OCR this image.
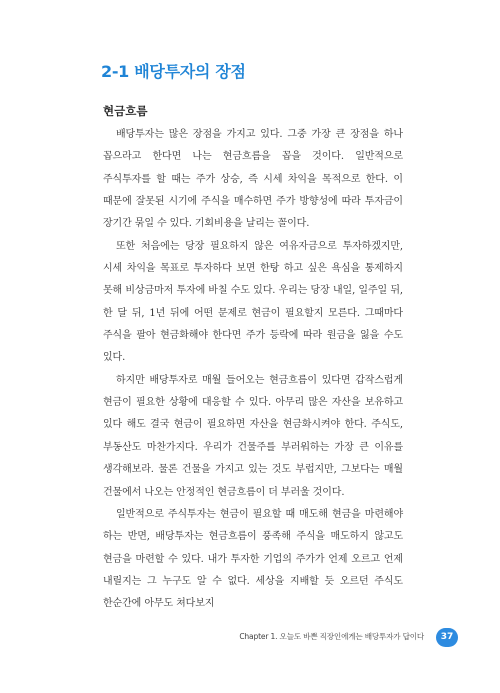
2-1 배당투자의 장점
현금흐름

배당투자는 많은 장점을 가지고 있다. 그중 가장 큰 장점을 하나 꼽으라고 한다면 나는 현금흐름을 꼽을 것이다. 일반적으로 주식투자를 할 때는 주가 상승, 즉 시세 차익을 목적으로 한다. 이 때문에 잘못된 시기에 주식을 매수하면 주가 방향성에 따라 투자금이 장기간 묶일 수 있다. 기회비용을 날리는 꼴이다.

또한 처음에는 당장 필요하지 않은 여유자금으로 투자하겠지만, 시세 차익을 목표로 투자하다 보면 한탕 하고 싶은 욕심을 통제하지 못해 비상금마저 투자에 바칠 수도 있다. 우리는 당장 내일, 일주일 뒤, 한 달 뒤, 1년 뒤에 어떤 문제로 현금이 필요할지 모른다. 그때마다 주식을 팔아 현금화해야 한다면 주가 등락에 따라 원금을 잃을 수도 있다.

하지만 배당투자로 매월 들어오는 현금흐름이 있다면 갑작스럽게 현금이 필요한 상황에 대응할 수 있다. 아무리 많은 자산을 보유하고 있다 해도 결국 현금이 필요하면 자산을 현금화시켜야 한다. 주식도, 부동산도 마찬가지다. 우리가 건물주를 부러워하는 가장 큰 이유를 생각해보라. 물론 건물을 가지고 있는 것도 부럽지만, 그보다는 매월 건물에서 나오는 안정적인 현금흐름이 더 부러울 것이다.

일반적으로 주식투자는 현금이 필요할 때 매도해 현금을 마련해야 하는 반면, 배당투자는 현금흐름이 풍족해 주식을 매도하지 않고도 현금을 마련할 수 있다. 내가 투자한 기업의 주가가 언제 오르고 언제 내릴지는 그 누구도 알 수 없다. 세상을 지배할 듯 오르던 주식도 한순간에 아무도 쳐다보지

Chapter 1. 오늘도 바쁜 직장인에게는 배당투자가 답이다	37
